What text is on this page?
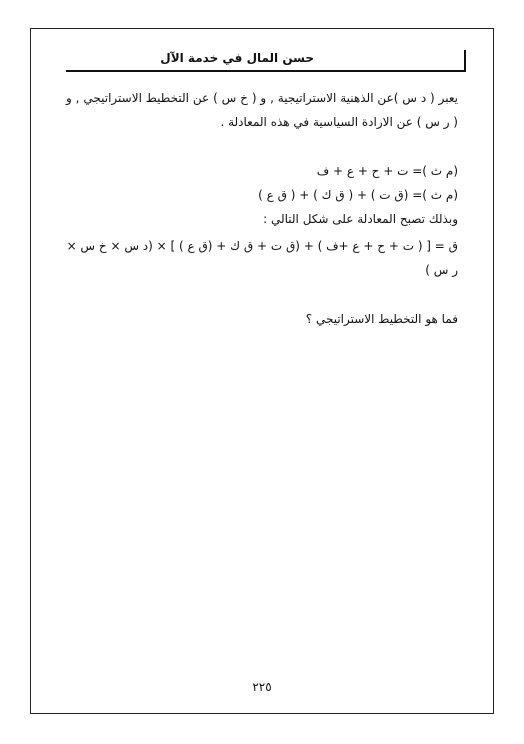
حسن المال في خدمة الآل

يعبر ( د س )عن الذهنية الاستراتيجية , و ( خ س ) عن التخطيط الاستراتيجي , و ( ر س ) عن الارادة السياسية في هذه المعادلة .

(م ث )= ت + ح + ع + ف

(م ث )= (ق ت ) + ( ق ك ) + ( ق ع )

وبذلك تصبح المعادلة على شكل التالي :

ق = [ ( ت + ح + ع +ف ) + (ق ت + ق ك + (ق ع ) ] × (د س × خ س × ر س )

فما هو التخطيط الاستراتيجي ؟

٢٢٥
